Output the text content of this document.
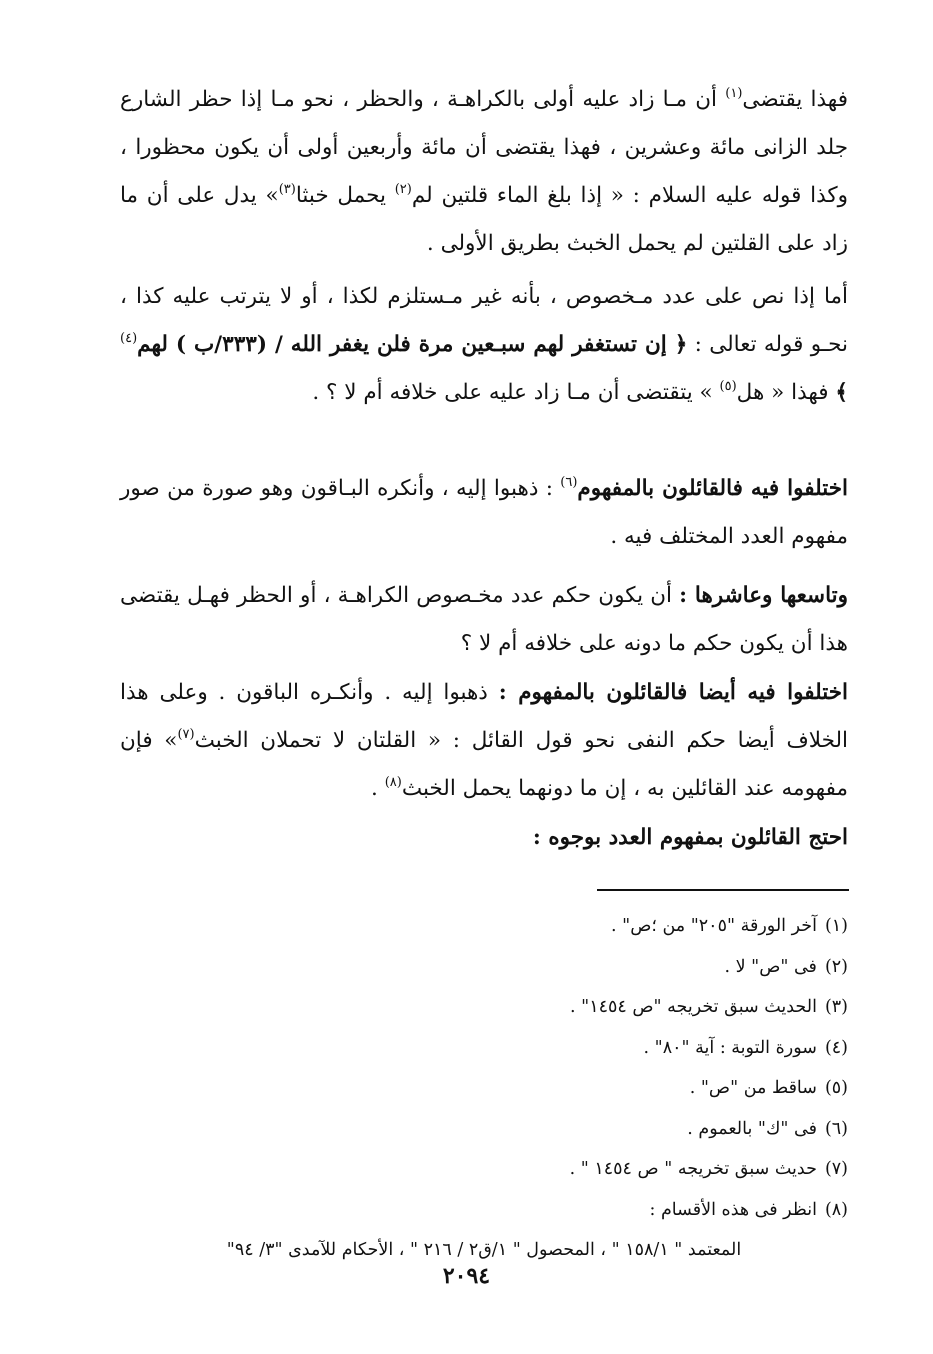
فهذا يقتضى$^{(١)}$ أن مـا زاد عليه أولى بالكراهـة ، والحظر ، نحو مـا إذا حظر الشارع جلد الزانى مائة وعشرين ، فهذا يقتضى أن مائة وأربعين أولى أن يكون محظورا ، وكذا قوله عليه السلام : « إذا بلغ الماء قلتين لم$^{(٢)}$ يحمل خبثا$^{(٣)}$» يدل على أن ما زاد على القلتين لم يحمل الخبث بطريق الأولى .

أما إذا نص على عدد مـخصوص ، بأنه غير مـستلزم لكذا ، أو لا يترتب عليه كذا ، نحـو قوله تعالى : ﴿ إن تستغفر لهم سبـعين مرة فلن يغفر الله / (٣٣٣/ب ) لهم$^{(٤)}$ ﴾ فهذا « هل$^{(٥)}$ » يتقتضى أن مـا زاد عليه على خلافه أم لا ؟ .

اختلفوا فيه فالقائلون بالمفهوم$^{(٦)}$ : ذهبوا إليه ، وأنكره البـاقون وهو صورة من صور مفهوم العدد المختلف فيه .

وتاسعها وعاشرها : أن يكون حكم عدد مخـصوص الكراهـة ، أو الحظر فهـل يقتضى هذا أن يكون حكم ما دونه على خلافه أم لا ؟

اختلفوا فيه أيضا فالقائلون بالمفهوم : ذهبوا إليه . وأنكـره الباقون . وعلى هذا الخلاف أيضا حكم النفى نحو قول القائل : « القلتان لا تحملان الخبث$^{(٧)}$» فإن مفهومه عند القائلين به ، إن ما دونهما يحمل الخبث$^{(٨)}$ .

احتج القائلون بمفهوم العدد بوجوه :

(١)آخر الورقة "٢٠٥" من ؛ص" .
(٢)فى "ص" لا .
(٣)الحديث سبق تخريجه "ص ١٤٥٤" .
(٤)سورة التوبة : آية "٨٠" .
(٥)ساقط من "ص" .
(٦)فى "ك" بالعموم .
(٧)حديث سبق تخريجه " ص ١٤٥٤ " .
(٨)انظر فى هذه الأقسام :
المعتمد " ١٥٨/١ " ، المحصول " ١/ق٢ / ٢١٦ " ، الأحكام للآمدى "٣/ ٩٤"
٢٠٩٤
